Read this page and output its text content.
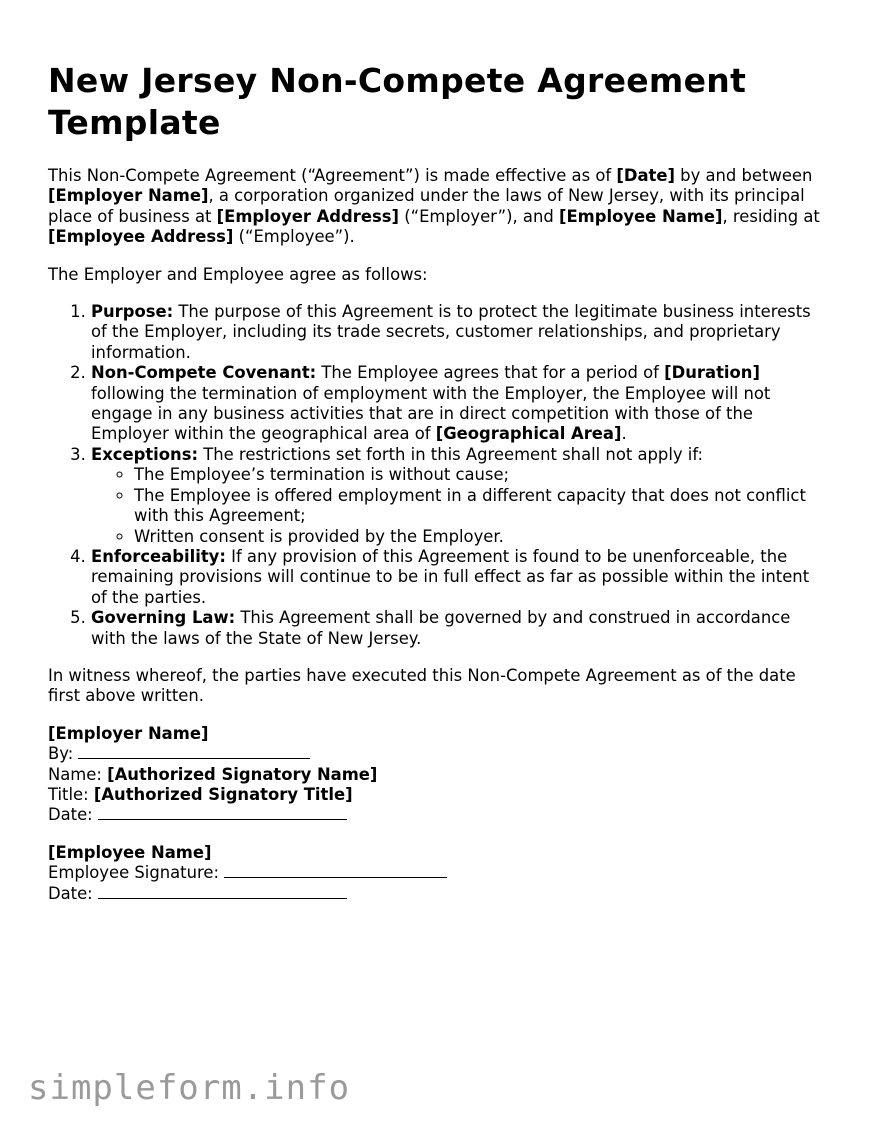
New Jersey Non-Compete Agreement Template

This Non-Compete Agreement (“Agreement”) is made effective as of [Date] by and between [Employer Name], a corporation organized under the laws of New Jersey, with its principal place of business at [Employer Address] (“Employer”), and [Employee Name], residing at [Employee Address] (“Employee”).

The Employer and Employee agree as follows:

1. Purpose: The purpose of this Agreement is to protect the legitimate business interests of the Employer, including its trade secrets, customer relationships, and proprietary information.
2. Non-Compete Covenant: The Employee agrees that for a period of [Duration] following the termination of employment with the Employer, the Employee will not engage in any business activities that are in direct competition with those of the Employer within the geographical area of [Geographical Area].
3. Exceptions: The restrictions set forth in this Agreement shall not apply if:
◦ The Employee’s termination is without cause;
◦ The Employee is offered employment in a different capacity that does not conflict with this Agreement;
◦ Written consent is provided by the Employer.
4. Enforceability: If any provision of this Agreement is found to be unenforceable, the remaining provisions will continue to be in full effect as far as possible within the intent of the parties.
5. Governing Law: This Agreement shall be governed by and construed in accordance with the laws of the State of New Jersey.

In witness whereof, the parties have executed this Non-Compete Agreement as of the date first above written.

[Employer Name]
By:
Name: [Authorized Signatory Name]
Title: [Authorized Signatory Title]
Date:
[Employee Name]
Employee Signature:
Date:
simpleform.info
